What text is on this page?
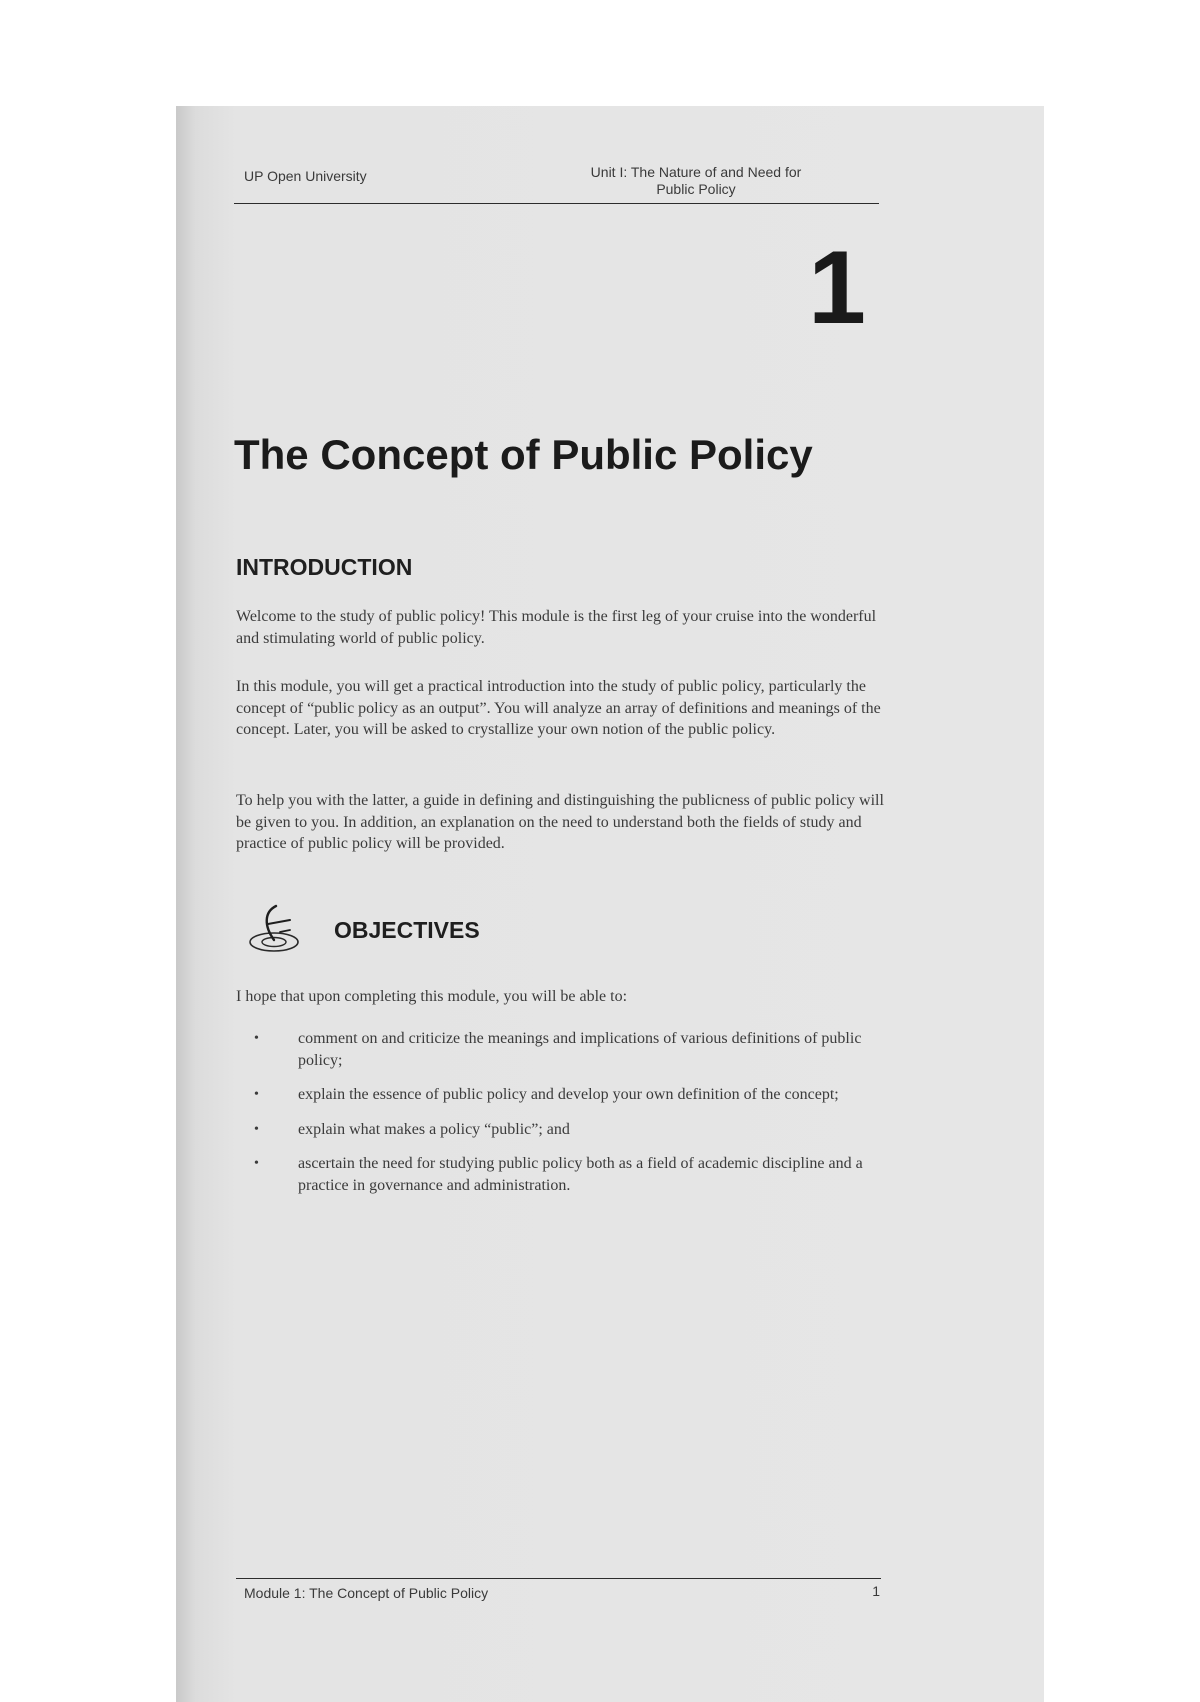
UP Open University	Unit I: The Nature of and Need for
Public Policy
1
The Concept of Public Policy
INTRODUCTION

Welcome to the study of public policy! This module is the first leg of your cruise into the wonderful and stimulating world of public policy.

In this module, you will get a practical introduction into the study of public policy, particularly the concept of “public policy as an output”. You will analyze an array of definitions and meanings of the concept. Later, you will be asked to crystallize your own notion of the public policy.

To help you with the latter, a guide in defining and distinguishing the publicness of public policy will be given to you. In addition, an explanation on the need to understand both the fields of study and practice of public policy will be provided.

OBJECTIVES

I hope that upon completing this module, you will be able to:

• comment on and criticize the meanings and implications of various definitions of public policy;
• explain the essence of public policy and develop your own definition of the concept;
• explain what makes a policy “public”; and
• ascertain the need for studying public policy both as a field of academic discipline and a practice in governance and administration.
Module 1: The Concept of Public Policy	1
